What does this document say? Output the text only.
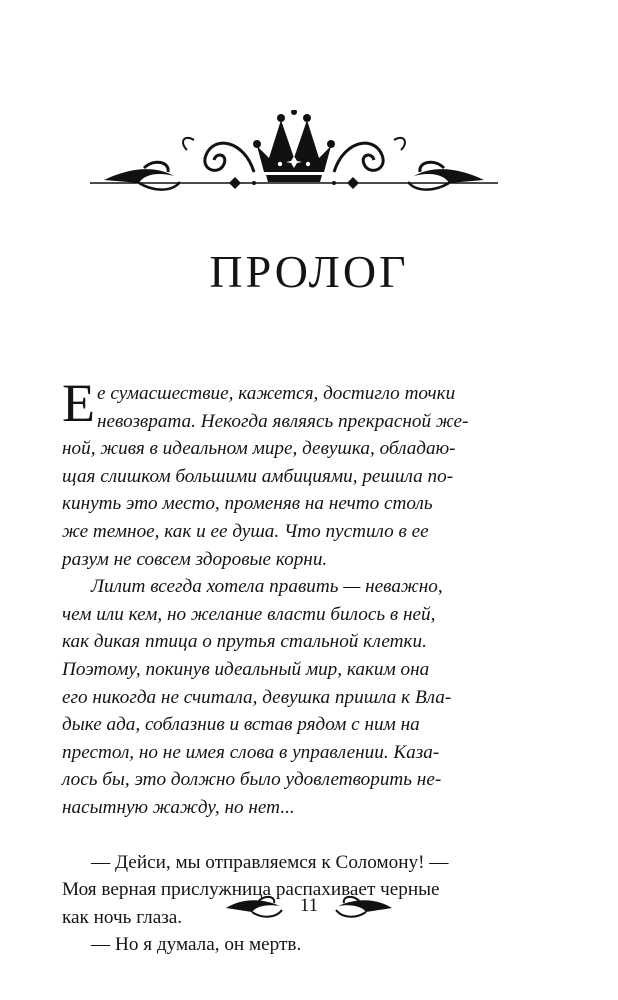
ПРОЛОГ
Е е сумасшествие, кажется, достигло точки
невозврата. Некогда являясь прекрасной же-
ной, живя в идеальном мире, девушка, обладаю-
щая слишком большими амбициями, решила по-
кинуть это место, променяв на нечто столь
же темное, как и ее душа. Что пустило в ее
разум не совсем здоровые корни.
Лилит всегда хотела править — неважно,
чем или кем, но желание власти билось в ней,
как дикая птица о прутья стальной клетки.
Поэтому, покинув идеальный мир, каким она
его никогда не считала, девушка пришла к Вла-
дыке ада, соблазнив и встав рядом с ним на
престол, но не имея слова в управлении. Каза-
лось бы, это должно было удовлетворить не-
насытную жажду, но нет...
— Дейси, мы отправляемся к Соломону! —
Моя верная прислужница распахивает черные
как ночь глаза.
— Но я думала, он мертв.
11
